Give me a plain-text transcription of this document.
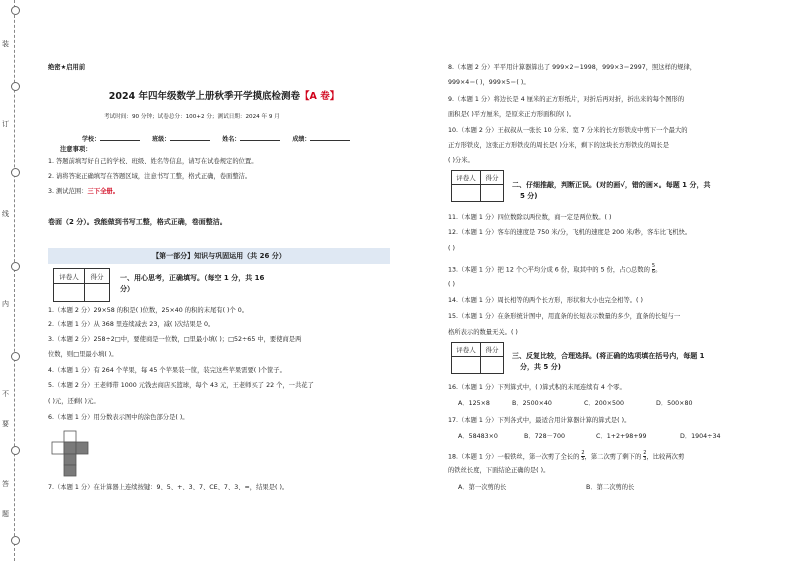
装
订
线
内
不
要
答
题
绝密★启用前
2024 年四年级数学上册秋季开学摸底检测卷【A 卷】
考试时间：90 分钟；试卷总分：100+2 分；测试日期：2024 年 9 月
学校：	班级：	姓名：	成绩：
注意事项：
1. 答题前填写好自己的学校、班级、姓名等信息，请写在试卷规定的位置。
2. 请将答案正确填写在答题区域，注意书写工整，格式正确，卷面整洁。
3. 测试范围：三下全册。
卷面（2 分）。我能做到书写工整，格式正确，卷面整洁。
【第一部分】知识与巩固运用（共 26 分）
评卷人	得分
	一、用心思考，正确填写。（每空 1 分，共 16
分）
1.（本题 2 分）29×58 的积是( )位数，25×40 的积的末尾有( )个 0。
2.（本题 1 分）从 368 里连续减去 23，减( )次结果是 0。
3.（本题 2 分）258÷2□中，要使商是一位数，□里最小填( )；□52÷65 中，要使商是两
位数，则□里最小填( )。
4.（本题 1 分）有 264 个苹果，每 45 个苹果装一筐，装完这些苹果需要( )个筐子。
5.（本题 2 分）王老师带 1000 元钱去商店买篮球，每个 43 元，王老师买了 22 个，一共花了
( )元，还剩( )元。
6.（本题 1 分）用分数表示图中的涂色部分是( )。
7.（本题 1 分）在计算器上连续按键：9、5、+、3、7、CE、7、3、=，结果是( )。
8.（本题 2 分）平平用计算器算出了 999×2＝1998，999×3＝2997，照这样的规律，
999×4＝( )，999×5＝( )。
9.（本题 1 分）将边长是 4 厘米的正方形纸片，对折后再对折，折出来的每个图形的
面积是( )平方厘米，是原来正方形面积的( )。
10.（本题 2 分）王叔叔从一张长 10 分米、宽 7 分米的长方形铁皮中剪下一个最大的
正方形铁皮，这张正方形铁皮的周长是( )分米，剩下的这块长方形铁皮的周长是
( )分米。
评卷人	得分

二、仔细推敲，判断正误。(对的画√，错的画×。每题 1 分，共
5 分)
11.（本题 1 分）四位数除以两位数，商一定是两位数。( )
12.（本题 1 分）客车的速度是 750 米/分，飞机的速度是 200 米/秒，客车比飞机快。
( )
13.（本题 1 分）把 12 个○平均分成 6 份，取其中的 5 份，占○总数的 $\frac{5}{6}$ 。
( )
14.（本题 1 分）周长相等的两个长方形，形状和大小也完全相等。( )
15.（本题 1 分）在条形统计图中，用直条的长短表示数量的多少，直条的长短与一
格所表示的数量无关。( )
评卷人	得分

三、反复比较，合理选择。(将正确的选项填在括号内，每题 1
分，共 5 分)
16.（本题 1 分）下列算式中，( )算式积的末尾连续有 4 个零。
A．125×8	B．2500×40	C．200×500	D．500×80
17.（本题 1 分）下列各式中，最适合用计算器计算的算式是( )。
A．58483×0	B．728－700	C．1+2+98+99	D．1904÷34
18.（本题 1 分）一根铁丝，第一次剪了全长的 $\frac{2}{5}$ ，第二次剪了剩下的 $\frac{2}{3}$ ，比较两次剪
的铁丝长度，下面结论正确的是( )。
A．第一次剪的长	B．第二次剪的长
